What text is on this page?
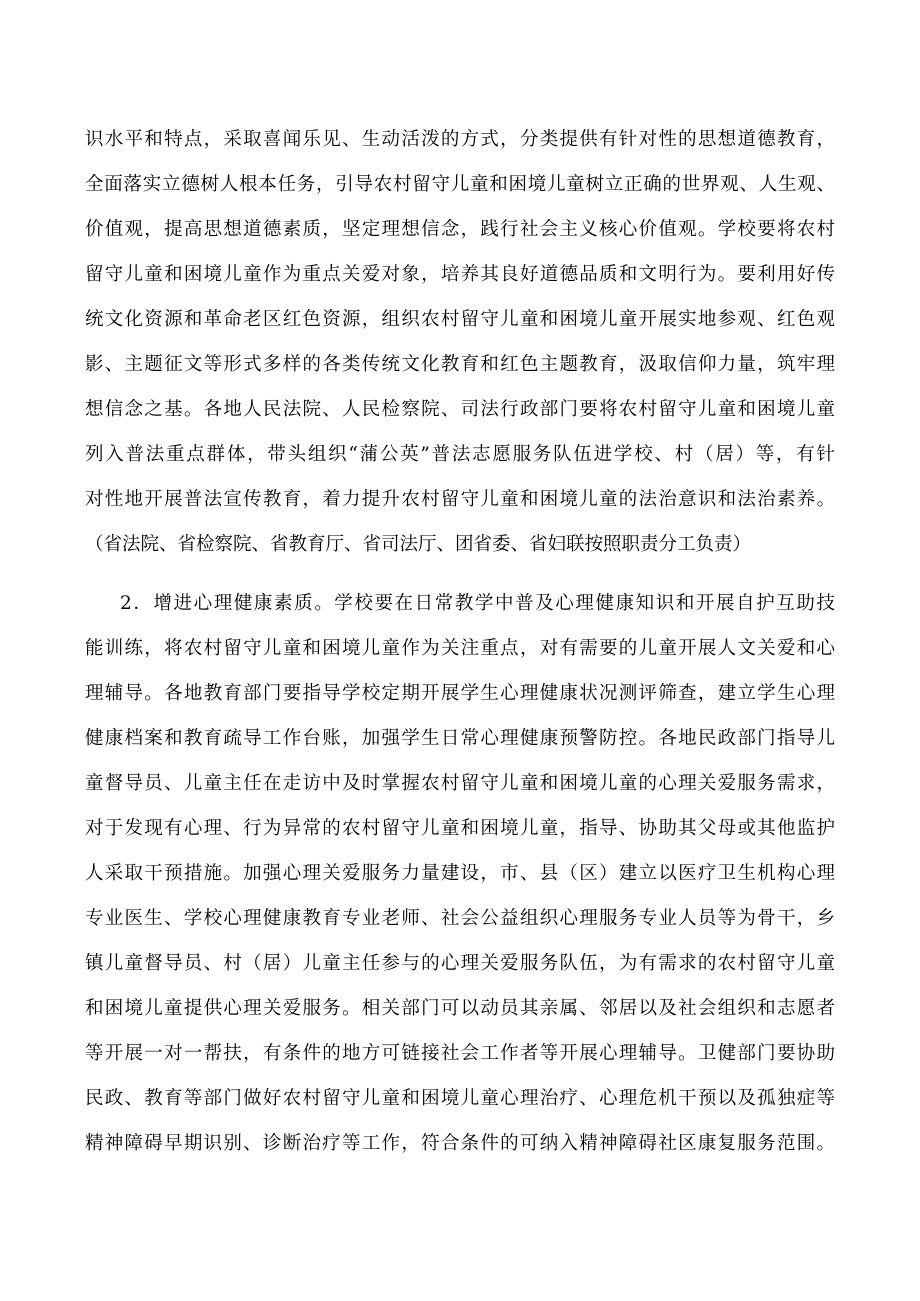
识水平和特点，采取喜闻乐见、生动活泼的方式，分类提供有针对性的思想道德教育，
全面落实立德树人根本任务，引导农村留守儿童和困境儿童树立正确的世界观、人生观、
价值观，提高思想道德素质，坚定理想信念，践行社会主义核心价值观。学校要将农村
留守儿童和困境儿童作为重点关爱对象，培养其良好道德品质和文明行为。要利用好传
统文化资源和革命老区红色资源，组织农村留守儿童和困境儿童开展实地参观、红色观
影、主题征文等形式多样的各类传统文化教育和红色主题教育，汲取信仰力量，筑牢理
想信念之基。各地人民法院、人民检察院、司法行政部门要将农村留守儿童和困境儿童
列入普法重点群体，带头组织“蒲公英”普法志愿服务队伍进学校、村（居）等，有针
对性地开展普法宣传教育，着力提升农村留守儿童和困境儿童的法治意识和法治素养。
（省法院、省检察院、省教育厅、省司法厅、团省委、省妇联按照职责分工负责）
2．增进心理健康素质。学校要在日常教学中普及心理健康知识和开展自护互助技
能训练，将农村留守儿童和困境儿童作为关注重点，对有需要的儿童开展人文关爱和心
理辅导。各地教育部门要指导学校定期开展学生心理健康状况测评筛查，建立学生心理
健康档案和教育疏导工作台账，加强学生日常心理健康预警防控。各地民政部门指导儿
童督导员、儿童主任在走访中及时掌握农村留守儿童和困境儿童的心理关爱服务需求，
对于发现有心理、行为异常的农村留守儿童和困境儿童，指导、协助其父母或其他监护
人采取干预措施。加强心理关爱服务力量建设，市、县（区）建立以医疗卫生机构心理
专业医生、学校心理健康教育专业老师、社会公益组织心理服务专业人员等为骨干，乡
镇儿童督导员、村（居）儿童主任参与的心理关爱服务队伍，为有需求的农村留守儿童
和困境儿童提供心理关爱服务。相关部门可以动员其亲属、邻居以及社会组织和志愿者
等开展一对一帮扶，有条件的地方可链接社会工作者等开展心理辅导。卫健部门要协助
民政、教育等部门做好农村留守儿童和困境儿童心理治疗、心理危机干预以及孤独症等
精神障碍早期识别、诊断治疗等工作，符合条件的可纳入精神障碍社区康复服务范围。
